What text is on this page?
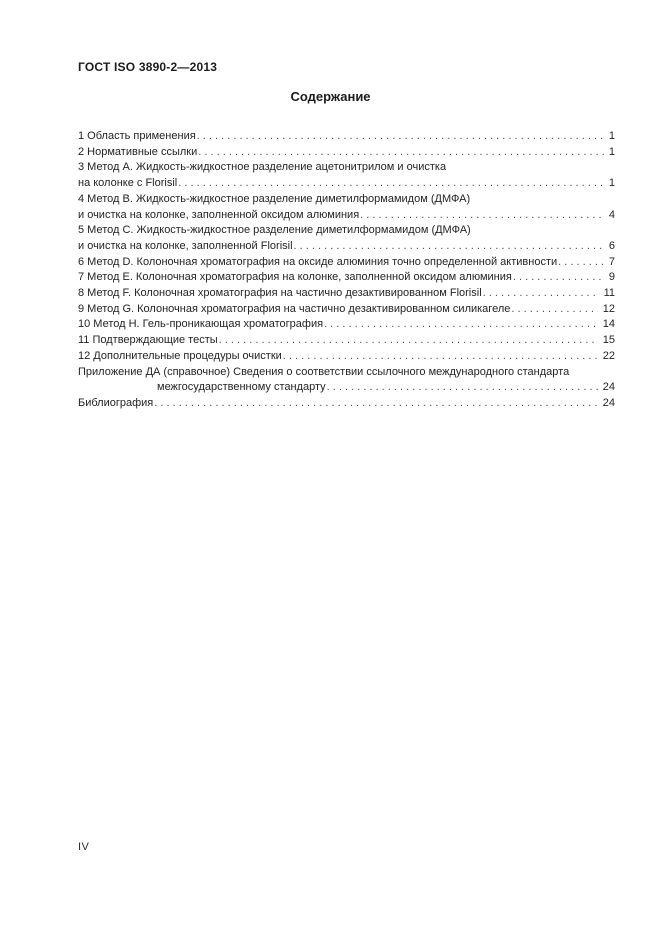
ГОСТ ISO 3890-2—2013
Содержание
1 Область применения . . .	1
2 Нормативные ссылки . . .	1
3 Метод A. Жидкость-жидкостное разделение ацетонитрилом и очистка
на колонке с Florisil . . .	1
4 Метод B. Жидкость-жидкостное разделение диметилформамидом (ДМФА)
и очистка на колонке, заполненной оксидом алюминия . . .	4
5 Метод C. Жидкость-жидкостное разделение диметилформамидом (ДМФА)
и очистка на колонке, заполненной Florisil . . .	6
6 Метод D. Колоночная хроматография на оксиде алюминия точно определенной активности . . .	7
7 Метод E. Колоночная хроматография на колонке, заполненной оксидом алюминия . . .	9
8 Метод F. Колоночная хроматография на частично дезактивированном Florisil . . .	11
9 Метод G. Колоночная хроматография на частично дезактивированном силикагеле . . .	12
10 Метод H. Гель-проникающая хроматография . . .	14
11 Подтверждающие тесты . . .	15
12 Дополнительные процедуры очистки . . .	22
Приложение ДА (справочное) Сведения о соответствии ссылочного международного стандарта
межгосударственному стандарту . . .	24
Библиография . . .	24
IV
